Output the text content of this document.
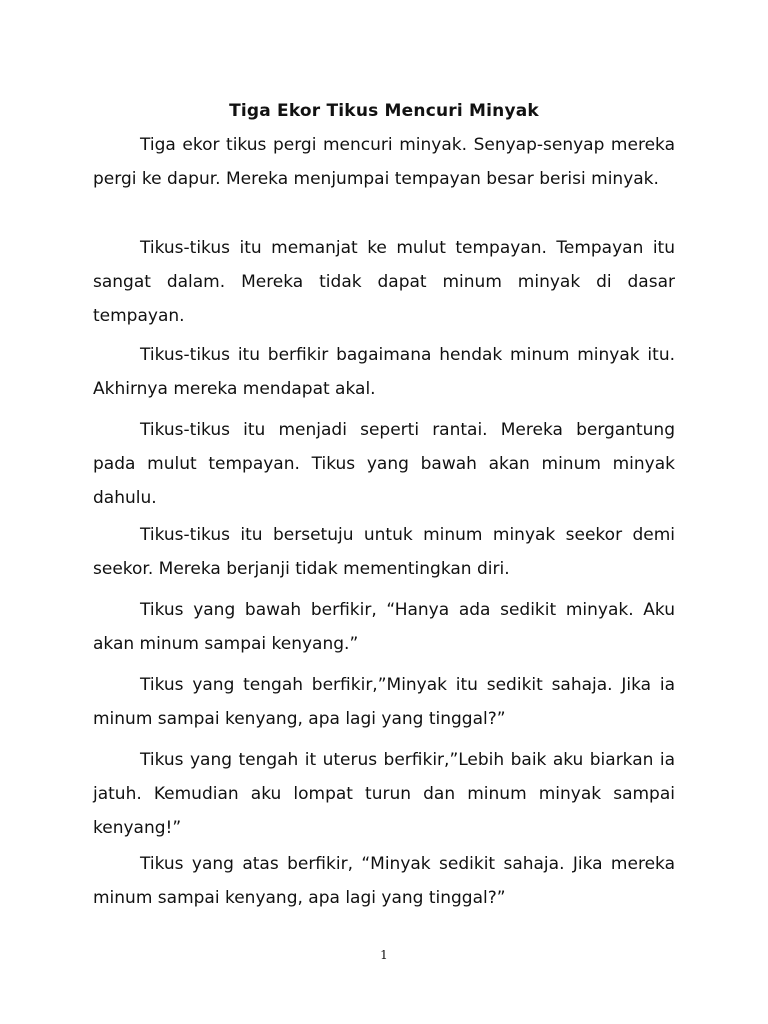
Tiga Ekor Tikus Mencuri Minyak

Tiga ekor tikus pergi mencuri minyak. Senyap-senyap mereka pergi ke dapur. Mereka menjumpai tempayan besar berisi minyak.

Tikus-tikus itu memanjat ke mulut tempayan. Tempayan itu sangat dalam. Mereka tidak dapat minum minyak di dasar tempayan.

Tikus-tikus itu berfikir bagaimana hendak minum minyak itu. Akhirnya mereka mendapat akal.

Tikus-tikus itu menjadi seperti rantai. Mereka bergantung pada mulut tempayan. Tikus yang bawah akan minum minyak dahulu.

Tikus-tikus itu bersetuju untuk minum minyak seekor demi seekor. Mereka berjanji tidak mementingkan diri.

Tikus yang bawah berfikir, “Hanya ada sedikit minyak. Aku akan minum sampai kenyang.”

Tikus yang tengah berfikir,”Minyak itu sedikit sahaja. Jika ia minum sampai kenyang, apa lagi yang tinggal?”

Tikus yang tengah it uterus berfikir,”Lebih baik aku biarkan ia jatuh. Kemudian aku lompat turun dan minum minyak sampai kenyang!”

Tikus yang atas berfikir, “Minyak sedikit sahaja. Jika mereka minum sampai kenyang, apa lagi yang tinggal?”

1
